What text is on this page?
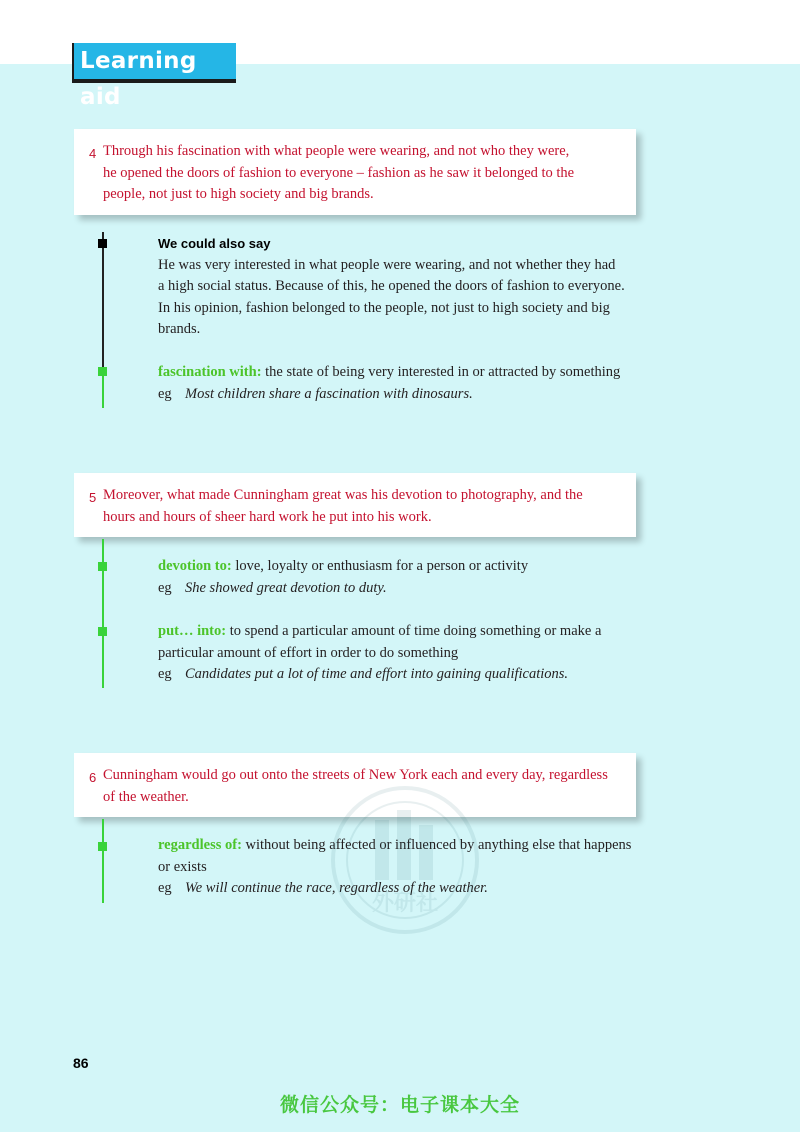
Learning aid
4 Through his fascination with what people were wearing, and not who they were,
he opened the doors of fashion to everyone – fashion as he saw it belonged to the
people, not just to high society and big brands.
We could also say
He was very interested in what people were wearing, and not whether they had
a high social status. Because of this, he opened the doors of fashion to everyone.
In his opinion, fashion belonged to the people, not just to high society and big
brands.
fascination with: the state of being very interested in or attracted by something
eg Most children share a fascination with dinosaurs.
5 Moreover, what made Cunningham great was his devotion to photography, and the
hours and hours of sheer hard work he put into his work.
devotion to: love, loyalty or enthusiasm for a person or activity
eg She showed great devotion to duty.
put… into: to spend a particular amount of time doing something or make a
particular amount of effort in order to do something
eg Candidates put a lot of time and effort into gaining qualifications.
6 Cunningham would go out onto the streets of New York each and every day, regardless
of the weather.
regardless of: without being affected or influenced by anything else that happens
or exists
eg We will continue the race, regardless of the weather.
外研社
86
微信公众号：电子课本大全
